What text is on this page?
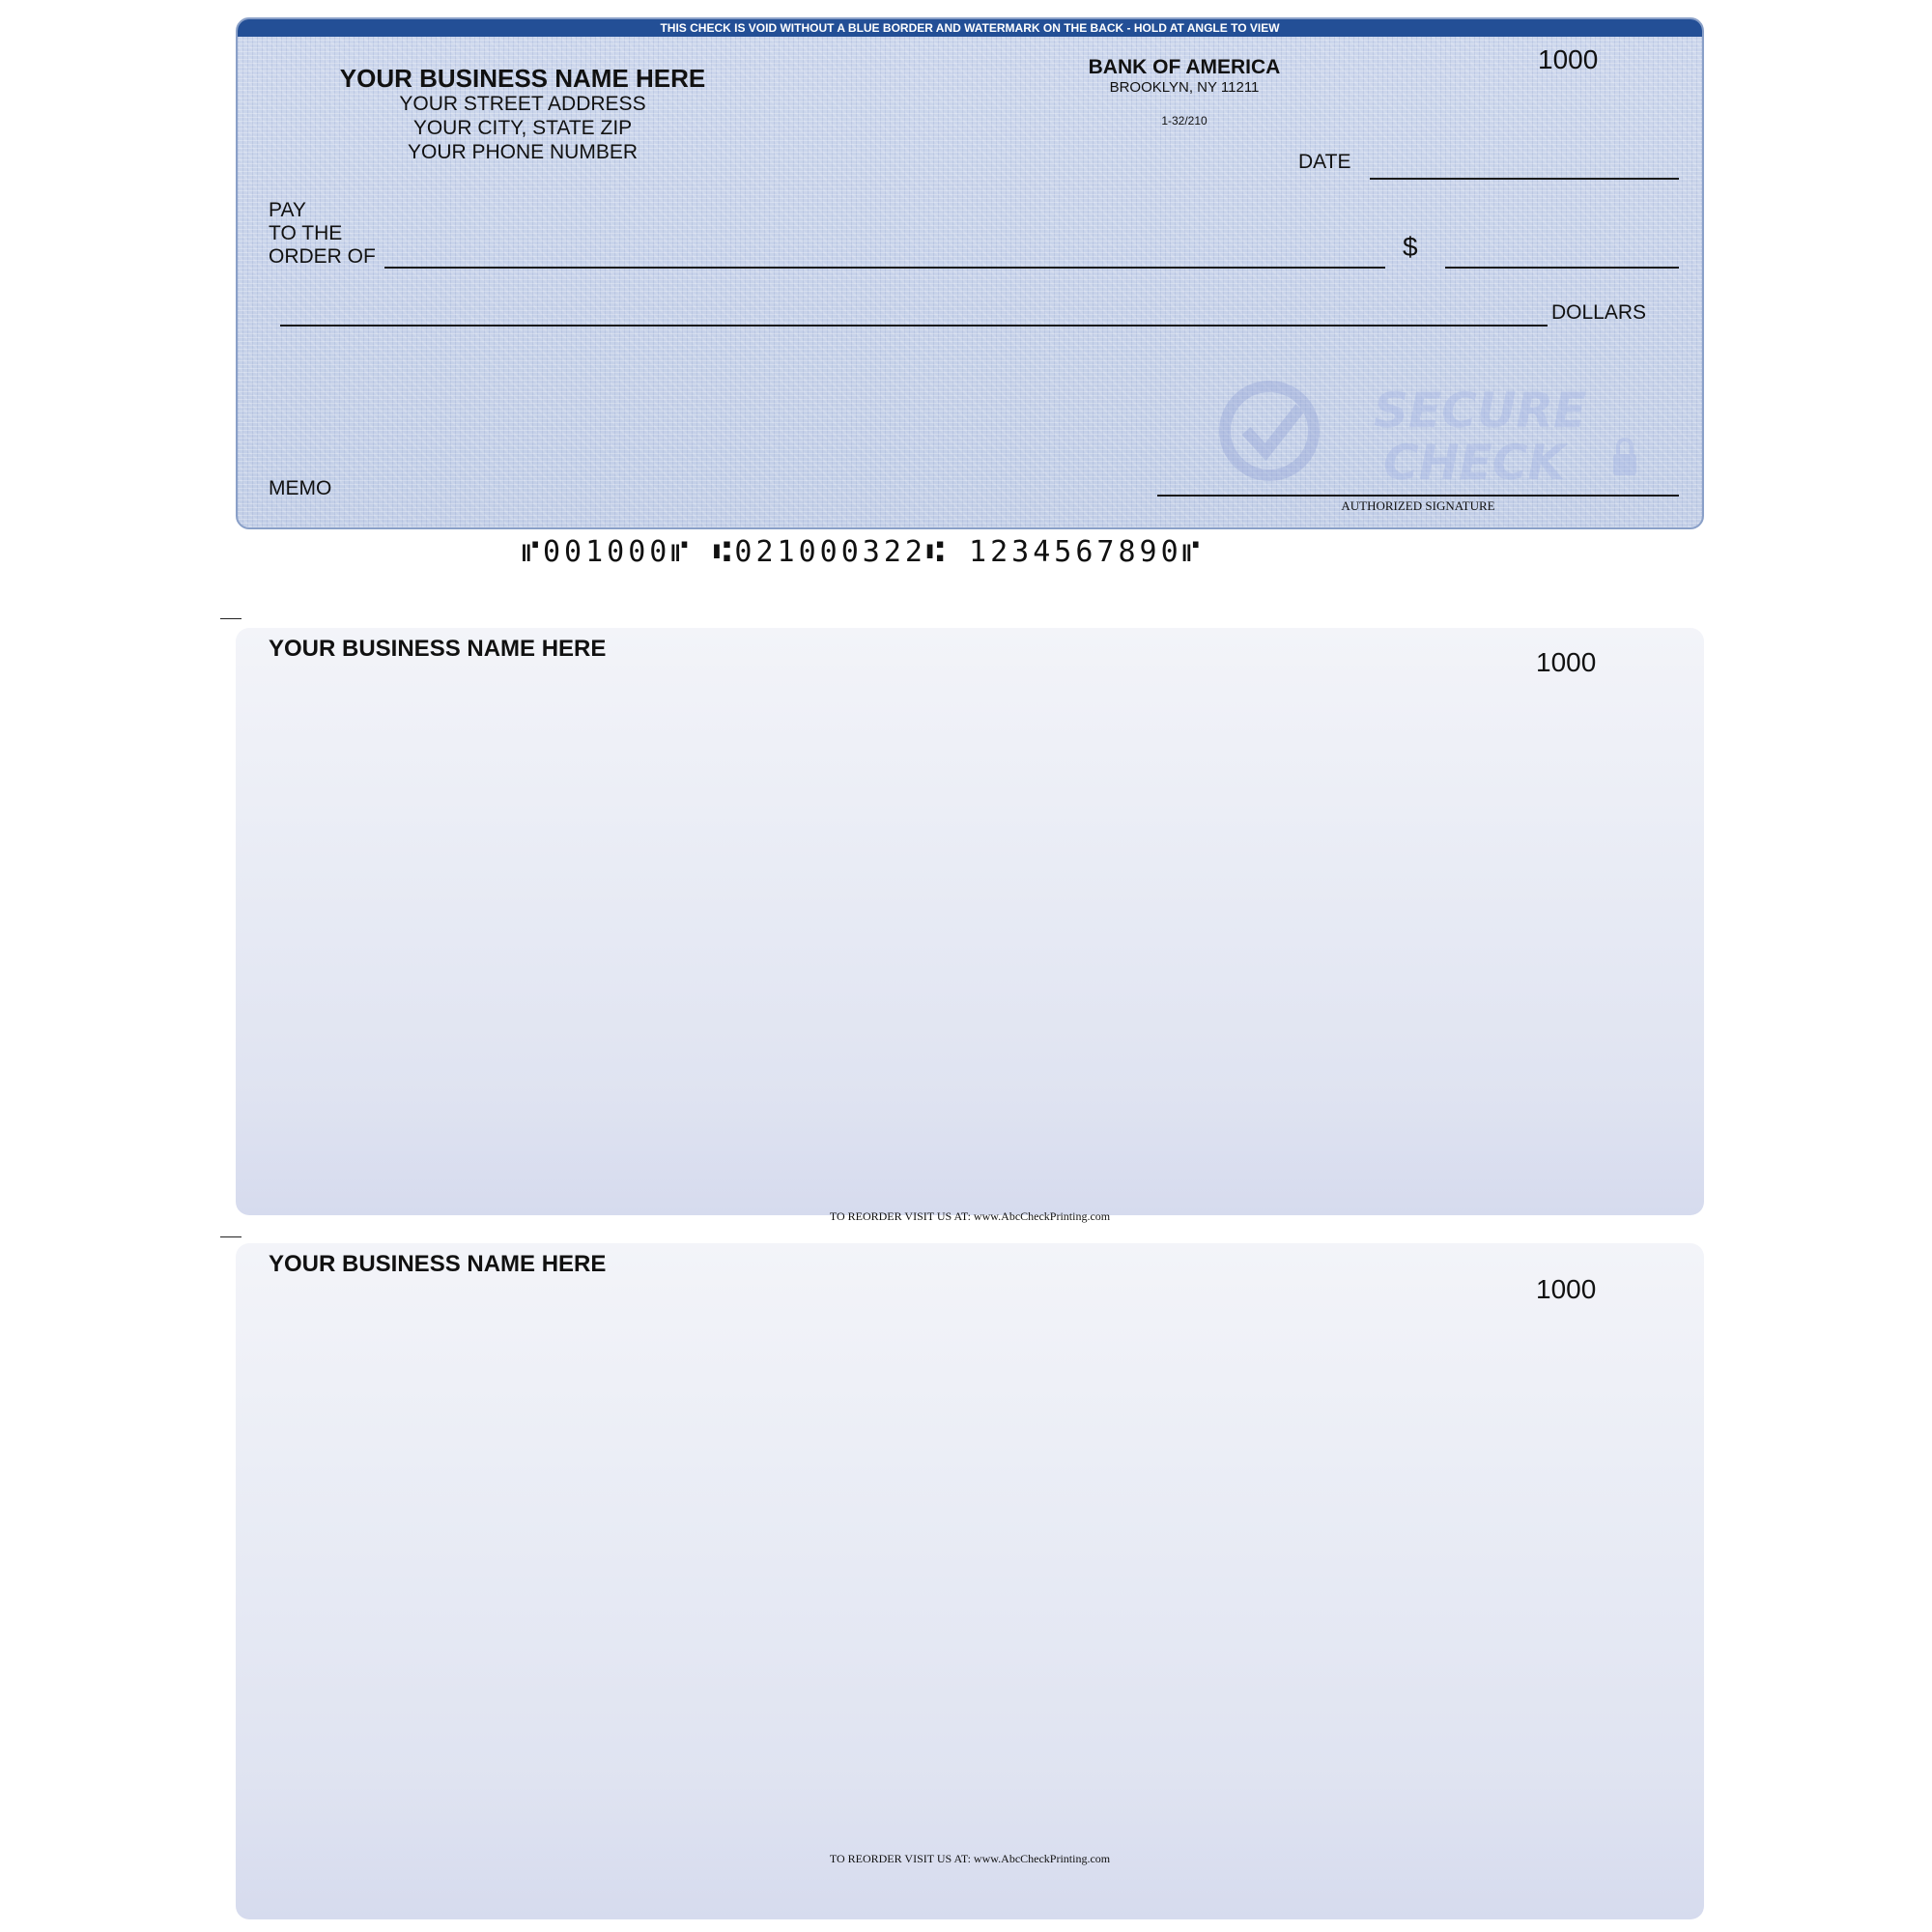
THIS CHECK IS VOID WITHOUT A BLUE BORDER AND WATERMARK ON THE BACK - HOLD AT ANGLE TO VIEW
YOUR BUSINESS NAME HERE
YOUR STREET ADDRESS
YOUR CITY, STATE ZIP
YOUR PHONE NUMBER
BANK OF AMERICA
BROOKLYN, NY 11211
1-32/210
1000
DATE
PAY
TO THE
ORDER OF	$
DOLLARS
SECURE
CHECK
MEMO
AUTHORIZED SIGNATURE
⑈001000⑈ ⑆021000322⑆ 1234567890⑈
YOUR BUSINESS NAME HERE	1000
TO REORDER VISIT US AT: www.AbcCheckPrinting.com
YOUR BUSINESS NAME HERE
1000
TO REORDER VISIT US AT: www.AbcCheckPrinting.com
